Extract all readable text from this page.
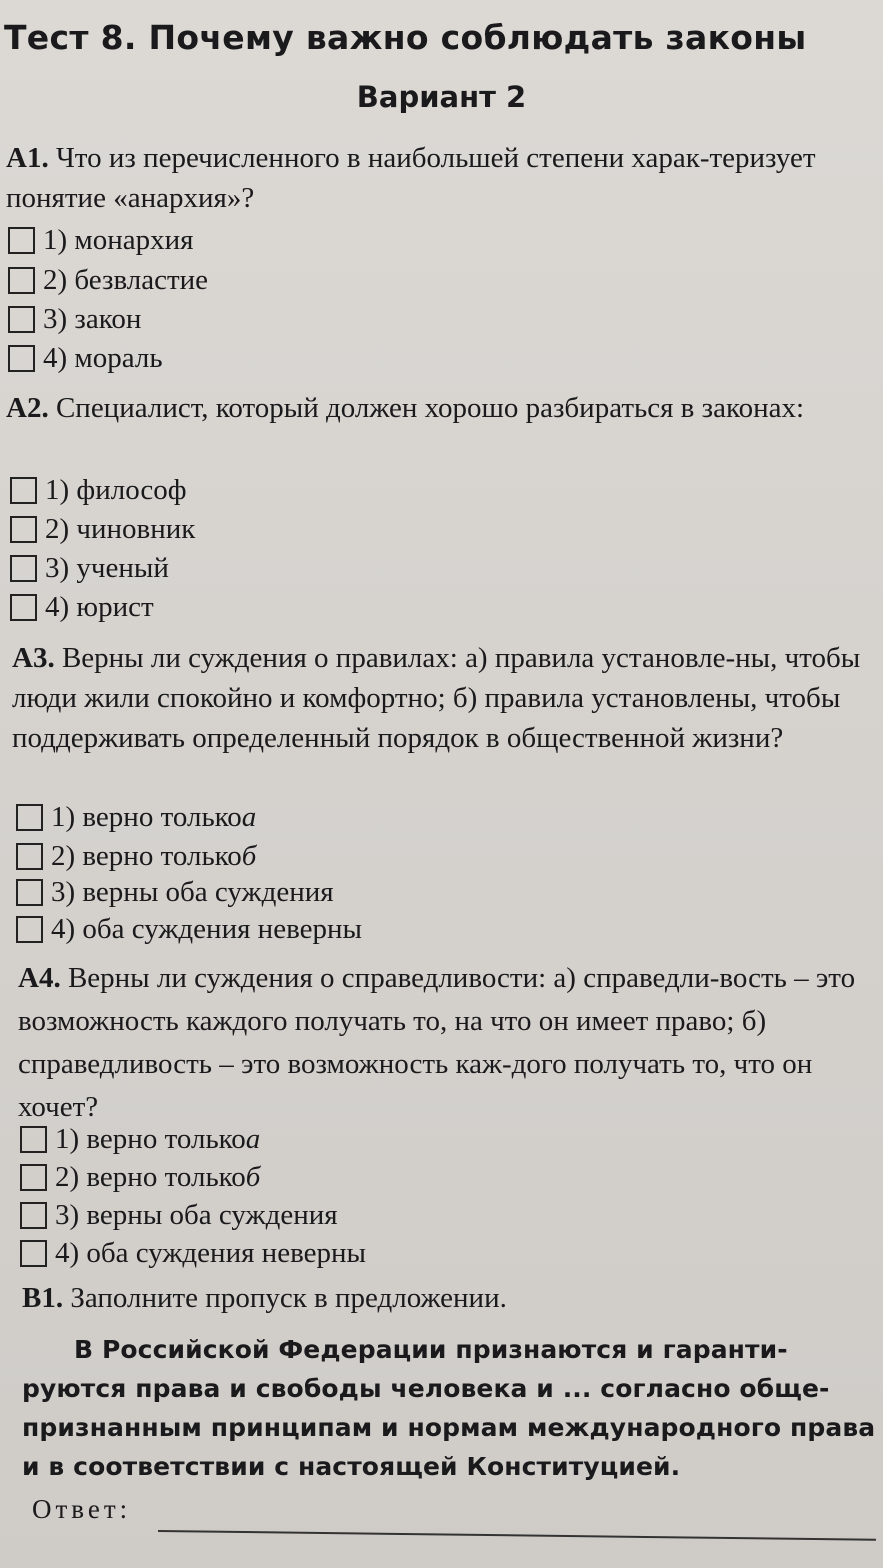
Тест 8. Почему важно соблюдать законы
Вариант 2
А1. Что из перечисленного в наибольшей степени харак-теризует понятие «анархия»?
1) монархия
2) безвластие
3) закон
4) мораль
А2. Специалист, который должен хорошо разбираться в законах:
1) философ
2) чиновник
3) ученый
4) юрист
А3. Верны ли суждения о правилах: а) правила установле-ны, чтобы люди жили спокойно и комфортно; б) правила установлены, чтобы поддерживать определенный порядок в общественной жизни?
1) верно только а
2) верно только б
3) верны оба суждения
4) оба суждения неверны
А4. Верны ли суждения о справедливости: а) справедли-вость – это возможность каждого получать то, на что он имеет право; б) справедливость – это возможность каж-дого получать то, что он хочет?
1) верно только а
2) верно только б
3) верны оба суждения
4) оба суждения неверны
В1. Заполните пропуск в предложении.
В Российской Федерации признаются и гаранти-руются права и свободы человека и ... согласно обще-признанным принципам и нормам международного права и в соответствии с настоящей Конституцией.
Ответ:
